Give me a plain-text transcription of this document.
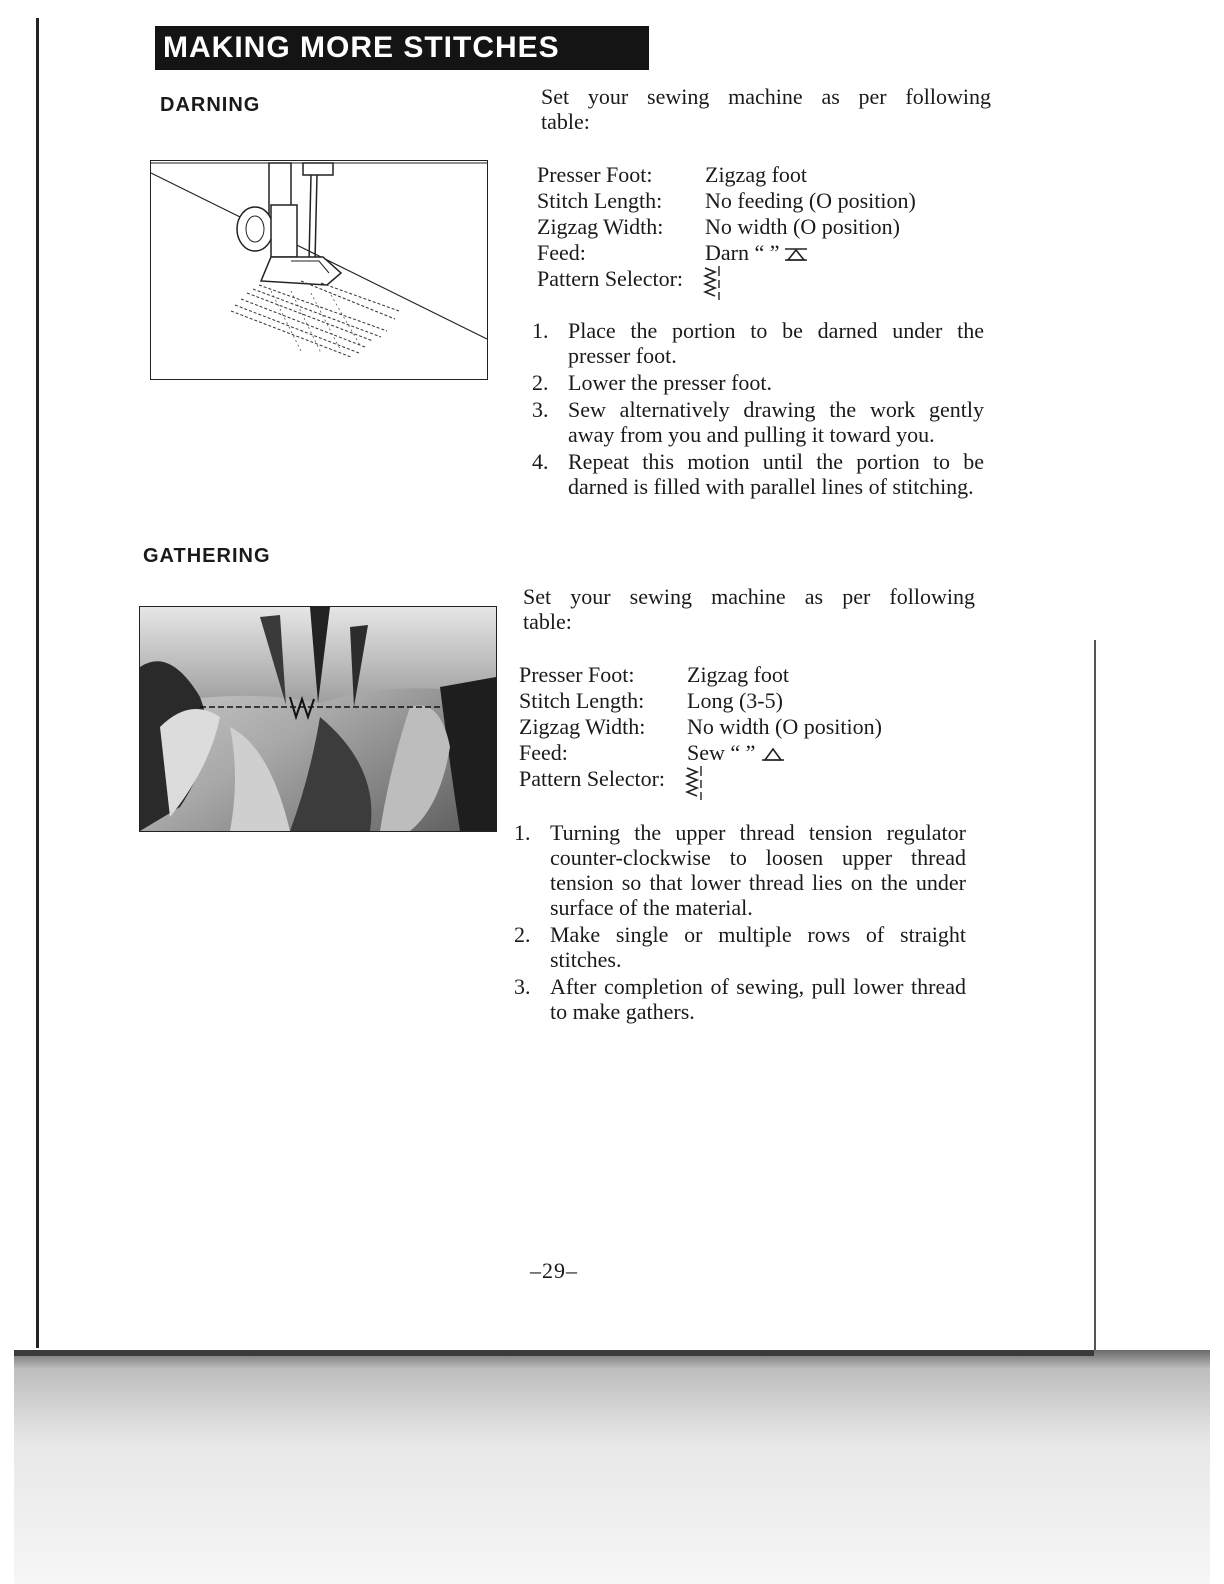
MAKING MORE STITCHES
DARNING	Set your sewing machine as per following
table:
Presser Foot:	Zigzag foot
Stitch Length:	No feeding (O position)
Zigzag Width:	No width (O position)
Feed:	Darn “ ”
Pattern Selector:
1. Place the portion to be darned under the presser foot.
2. Lower the presser foot.
3. Sew alternatively drawing the work gently away from you and pulling it toward you.
4. Repeat this motion until the portion to be darned is filled with parallel lines of stitching.
GATHERING
Set your sewing machine as per following
table:
Presser Foot:	Zigzag foot
Stitch Length:	Long (3-5)
Zigzag Width:	No width (O position)
Feed:	Sew “ ”
Pattern Selector:
1. Turning the upper thread tension regulator counter-clockwise to loosen upper thread tension so that lower thread lies on the under surface of the material.
2. Make single or multiple rows of straight stitches.
3. After completion of sewing, pull lower thread to make gathers.
–29–
